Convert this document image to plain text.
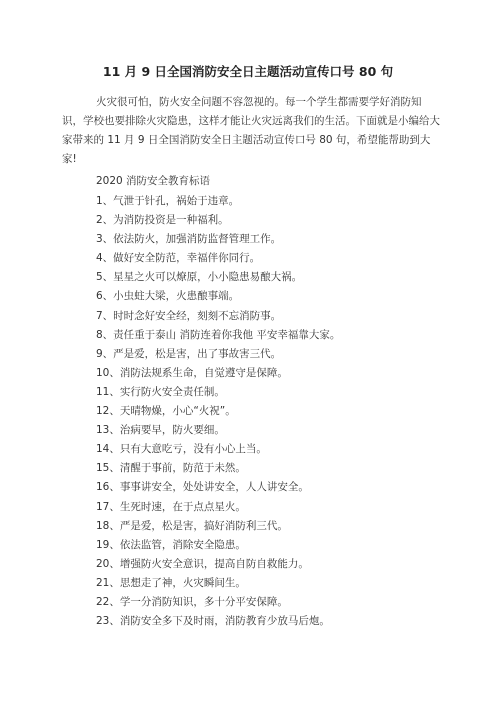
11 月 9 日全国消防安全日主题活动宣传口号 80 句
火灾很可怕，防火安全问题不容忽视的。每一个学生都需要学好消防知识，学校也要排除火灾隐患，这样才能让火灾远离我们的生活。下面就是小编给大家带来的 11 月 9 日全国消防安全日主题活动宣传口号 80 句，希望能帮助到大家!
2020 消防安全教育标语
1、气泄于针孔，祸始于违章。
2、为消防投资是一种福利。
3、依法防火，加强消防监督管理工作。
4、做好安全防范，幸福伴你同行。
5、星星之火可以燎原，小小隐患易酿大祸。
6、小虫蛀大梁，火患酿事端。
7、时时念好安全经，刻刻不忘消防事。
8、责任重于泰山 消防连着你我他 平安幸福靠大家。
9、严是爱，松是害，出了事故害三代。
10、消防法规系生命，自觉遵守是保障。
11、实行防火安全责任制。
12、天晴物燥，小心“火祝”。
13、治病要早，防火要细。
14、只有大意吃亏，没有小心上当。
15、清醒于事前，防范于未然。
16、事事讲安全，处处讲安全，人人讲安全。
17、生死时速，在于点点星火。
18、严是爱，松是害，搞好消防利三代。
19、依法监管，消除安全隐患。
20、增强防火安全意识，提高自防自救能力。
21、思想走了神，火灾瞬间生。
22、学一分消防知识，多十分平安保障。
23、消防安全多下及时雨，消防教育少放马后炮。
